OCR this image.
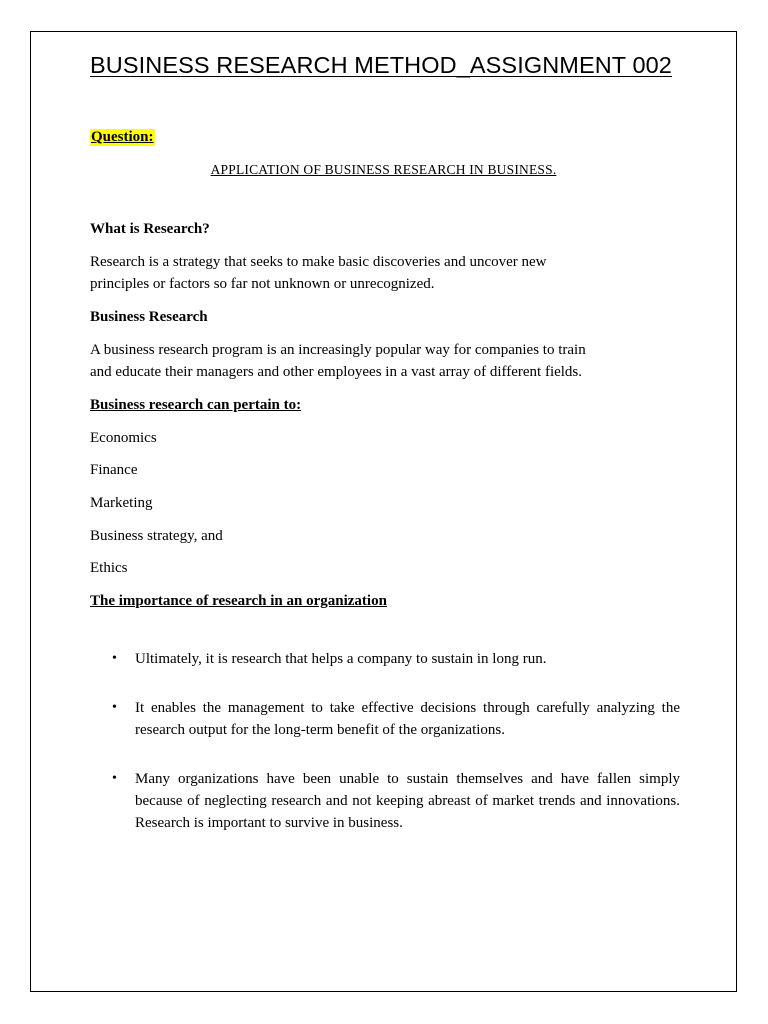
BUSINESS RESEARCH METHOD_ASSIGNMENT 002
Question:
APPLICATION OF BUSINESS RESEARCH IN BUSINESS.
What is Research?
Research is a strategy that seeks to make basic discoveries and uncover new
principles or factors so far not unknown or unrecognized.
Business Research
A business research program is an increasingly popular way for companies to train
and educate their managers and other employees in a vast array of different fields.
Business research can pertain to:
Economics
Finance
Marketing
Business strategy, and
Ethics
The importance of research in an organization
• Ultimately, it is research that helps a company to sustain in long run.
• It enables the management to take effective decisions through carefully analyzing the research output for the long-term benefit of the organizations.
• Many organizations have been unable to sustain themselves and have fallen simply because of neglecting research and not keeping abreast of market trends and innovations. Research is important to survive in business.
